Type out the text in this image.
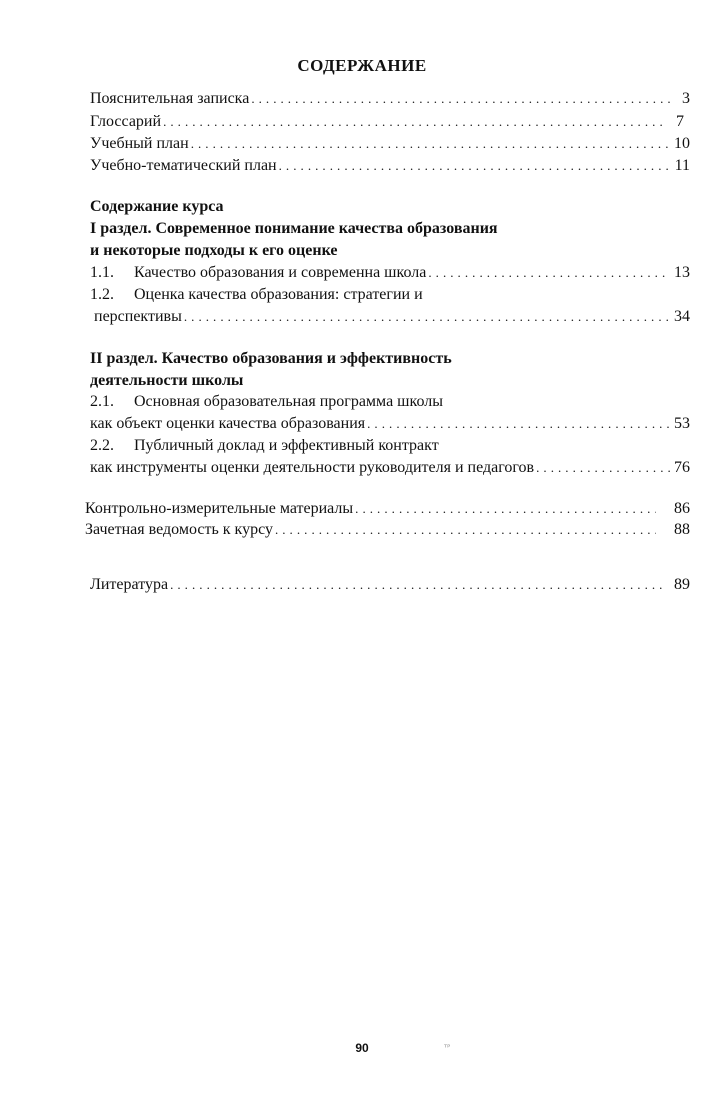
СОДЕРЖАНИЕ
Пояснительная записка . . .	3
Глоссарий . . .	7
Учебный план . . .	10
Учебно-тематический план . . .	11
Содержание курса
I раздел. Современное понимание качества образования
и некоторые подходы к его оценке
1.1. Качество образования и современна школа . . .	13
1.2. Оценка качества образования: стратегии и
перспективы . . .	34
II раздел. Качество образования и эффективность
деятельности школы
2.1. Основная образовательная программа школы
как объект оценки качества образования . . .	53
2.2. Публичный доклад и эффективный контракт
как инструменты оценки деятельности руководителя и педагогов . . .	76
Контрольно-измерительные материалы . . .	86
Зачетная ведомость к курсу . . .	88
Литература . . .	89
90	ᵀᴾ
